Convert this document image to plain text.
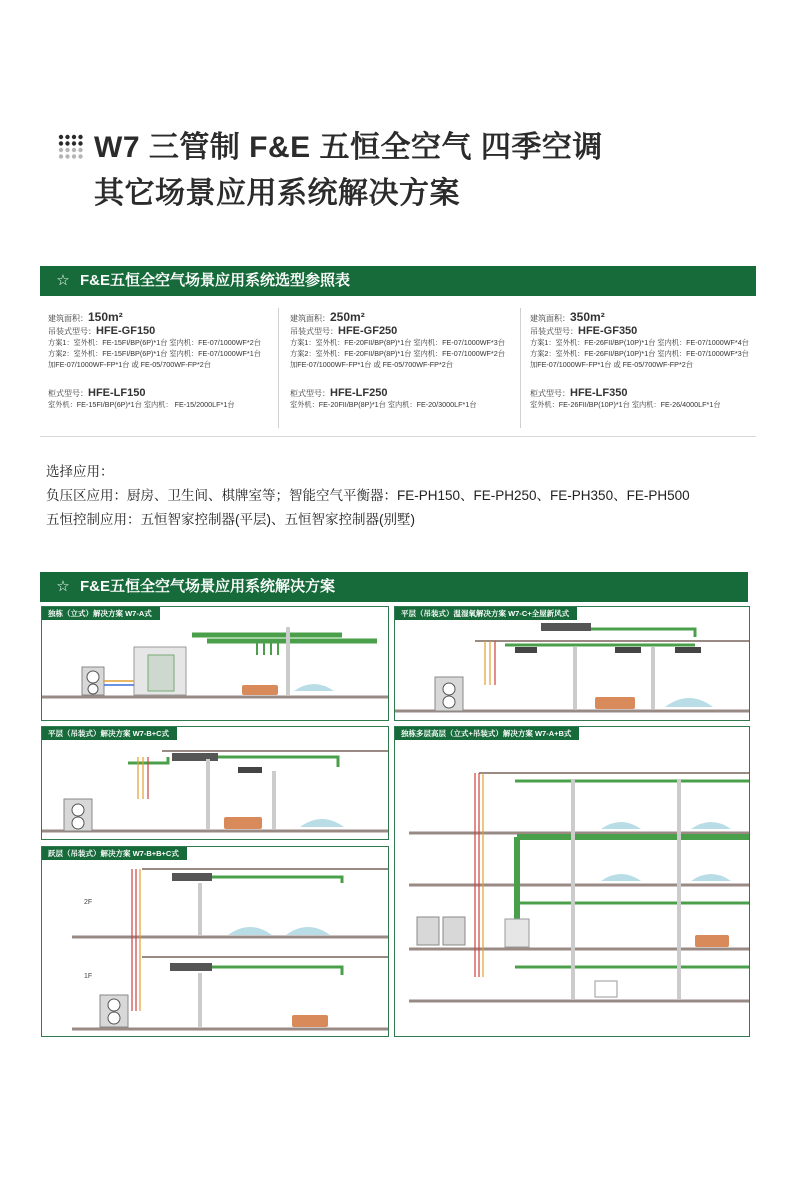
W7 三管制 F&E 五恒全空气 四季空调
其它场景应用系统解决方案
☆ F&E五恒全空气场景应用系统选型参照表
建筑面积：150m²
吊装式型号：HFE-GF150
方案1：室外机：FE-15FI/BP(6P)*1台 室内机：FE-07/1000WF*2台
方案2：室外机：FE-15FI/BP(6P)*1台 室内机：FE-07/1000WF*1台
加FE-07/1000WF-FP*1台 或 FE-05/700WF-FP*2台
柜式型号：HFE-LF150
室外机：FE-15FI/BP(6P)*1台 室内机： FE-15/2000LF*1台
建筑面积：250m²
吊装式型号：HFE-GF250
方案1：室外机：FE-20FII/BP(8P)*1台 室内机：FE-07/1000WF*3台
方案2：室外机：FE-20FII/BP(8P)*1台 室内机：FE-07/1000WF*2台
加FE-07/1000WF-FP*1台 或 FE-05/700WF-FP*2台
柜式型号：HFE-LF250
室外机：FE-20FII/BP(8P)*1台 室内机：FE-20/3000LF*1台
建筑面积：350m²
吊装式型号：HFE-GF350
方案1：室外机：FE-26FII/BP(10P)*1台 室内机：FE-07/1000WF*4台
方案2：室外机：FE-26FII/BP(10P)*1台 室内机：FE-07/1000WF*3台
加FE-07/1000WF-FP*1台 或 FE-05/700WF-FP*2台
柜式型号：HFE-LF350
室外机：FE-26FII/BP(10P)*1台 室内机：FE-26/4000LF*1台
选择应用：
负压区应用：厨房、卫生间、棋牌室等；智能空气平衡器：FE-PH150、FE-PH250、FE-PH350、FE-PH500
五恒控制应用：五恒智家控制器(平层)、五恒智家控制器(别墅)
☆ F&E五恒全空气场景应用系统解决方案
独栋（立式）解决方案 W7-A式	平层（吊装式）温湿氧解决方案 W7-C+全屋新风式
平层（吊装式）解决方案 W7-B+C式	独栋多层高层（立式+吊装式）解决方案 W7-A+B式
2F
1F
跃层（吊装式）解决方案 W7-B+B+C式
